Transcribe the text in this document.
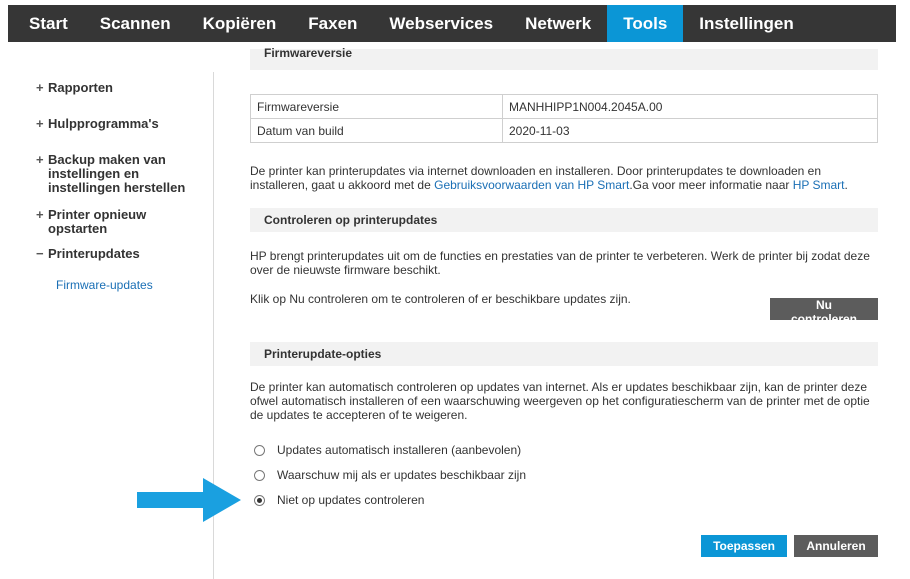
Start	Scannen	Kopiëren	Faxen	Webservices	Netwerk	Tools	Instellingen
+ Rapporten
+ Hulpprogramma's
+ Backup maken van instellingen en instellingen herstellen
+ Printer opnieuw opstarten
− Printerupdates
Firmware-updates
Firmwareversie
Firmwareversie	MANHHIPP1N004.2045A.00
Datum van build	2020-11-03
De printer kan printerupdates via internet downloaden en installeren. Door printerupdates te downloaden en installeren, gaat u akkoord met de Gebruiksvoorwaarden van HP Smart.Ga voor meer informatie naar HP Smart.
Controleren op printerupdates
HP brengt printerupdates uit om de functies en prestaties van de printer te verbeteren. Werk de printer bij zodat deze over de nieuwste firmware beschikt.
Klik op Nu controleren om te controleren of er beschikbare updates zijn.	Nu controleren
Printerupdate-opties
De printer kan automatisch controleren op updates van internet. Als er updates beschikbaar zijn, kan de printer deze ofwel automatisch installeren of een waarschuwing weergeven op het configuratiescherm van de printer met de optie de updates te accepteren of te weigeren.
Updates automatisch installeren (aanbevolen)
Waarschuw mij als er updates beschikbaar zijn
Niet op updates controleren
Toepassen	Annuleren
